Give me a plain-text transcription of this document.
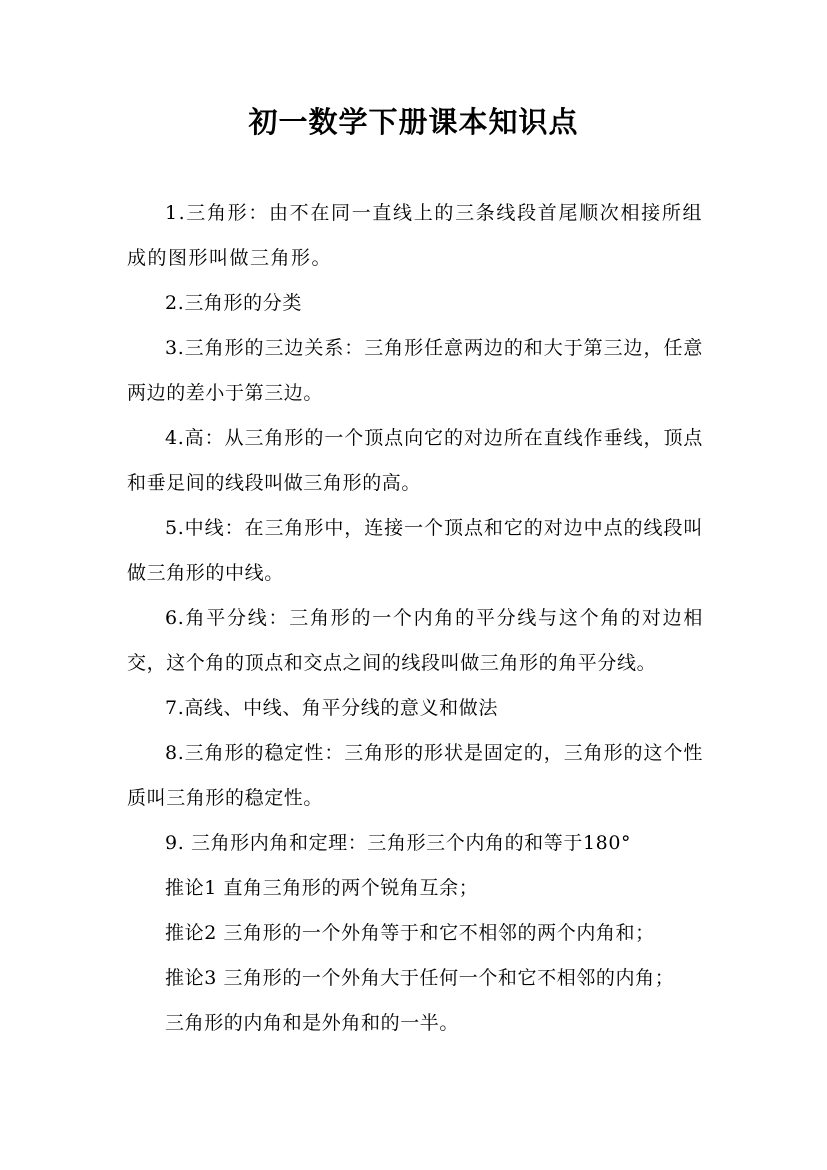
初一数学下册课本知识点

1.三角形：由不在同一直线上的三条线段首尾顺次相接所组成的图形叫做三角形。

2.三角形的分类

3.三角形的三边关系：三角形任意两边的和大于第三边，任意两边的差小于第三边。

4.高：从三角形的一个顶点向它的对边所在直线作垂线，顶点和垂足间的线段叫做三角形的高。

5.中线：在三角形中，连接一个顶点和它的对边中点的线段叫做三角形的中线。

6.角平分线：三角形的一个内角的平分线与这个角的对边相交，这个角的顶点和交点之间的线段叫做三角形的角平分线。

7.高线、中线、角平分线的意义和做法

8.三角形的稳定性：三角形的形状是固定的，三角形的这个性质叫三角形的稳定性。

9. 三角形内角和定理：三角形三个内角的和等于180°

推论1 直角三角形的两个锐角互余；

推论2 三角形的一个外角等于和它不相邻的两个内角和；

推论3 三角形的一个外角大于任何一个和它不相邻的内角；

三角形的内角和是外角和的一半。
